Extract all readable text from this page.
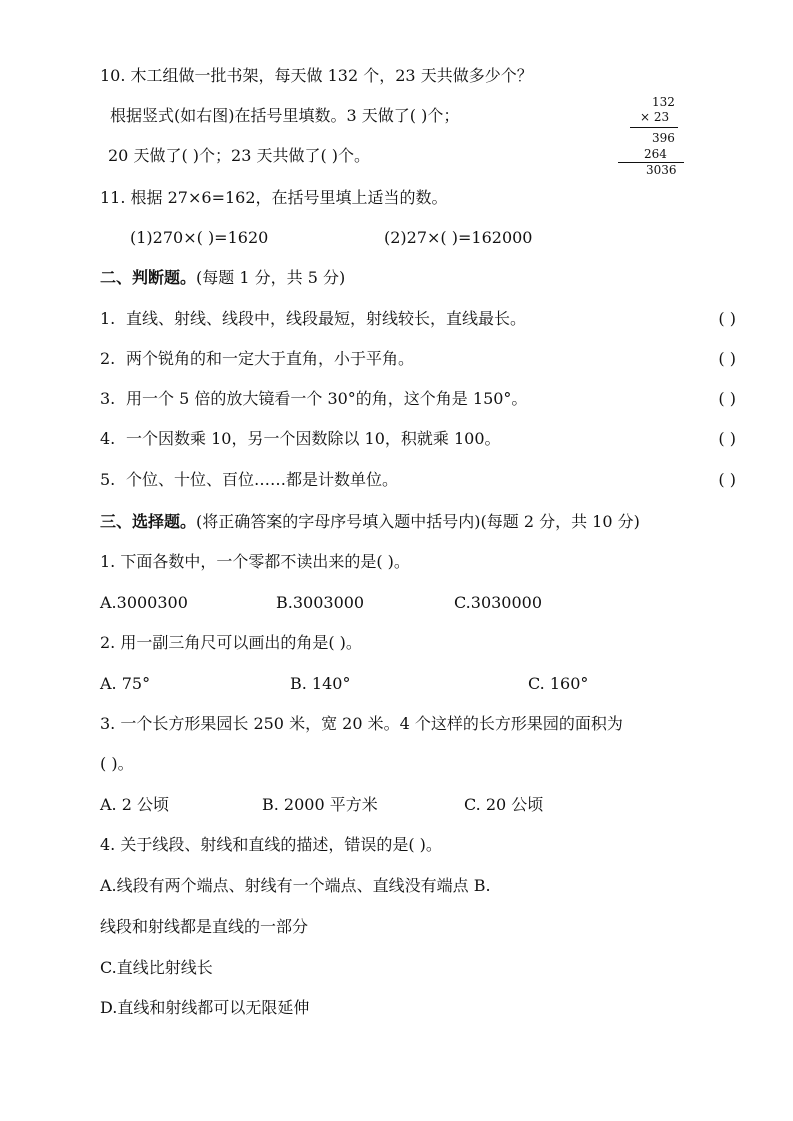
10. 木工组做一批书架，每天做 132 个，23 天共做多少个？
根据竖式(如右图)在括号里填数。3 天做了( )个；
20 天做了( )个；23 天共做了( )个。
132
× 23
396
264
3036
11. 根据 27×6=162，在括号里填上适当的数。
(1)270×( )=1620	(2)27×( )=162000
二、判断题。(每题 1 分，共 5 分)
1. 直线、射线、线段中，线段最短，射线较长，直线最长。	( )
2. 两个锐角的和一定大于直角，小于平角。	( )
3. 用一个 5 倍的放大镜看一个 30°的角，这个角是 150°。	( )
4. 一个因数乘 10，另一个因数除以 10，积就乘 100。	( )
5. 个位、十位、百位……都是计数单位。	( )
三、选择题。(将正确答案的字母序号填入题中括号内)(每题 2 分，共 10 分)
1. 下面各数中，一个零都不读出来的是( )。
A.3000300	B.3003000	C.3030000
2. 用一副三角尺可以画出的角是( )。
A. 75°	B. 140°	C. 160°
3. 一个长方形果园长 250 米，宽 20 米。4 个这样的长方形果园的面积为
( )。
A. 2 公顷	B. 2000 平方米	C. 20 公顷
4. 关于线段、射线和直线的描述，错误的是( )。
A.线段有两个端点、射线有一个端点、直线没有端点 B.
线段和射线都是直线的一部分
C.直线比射线长
D.直线和射线都可以无限延伸
